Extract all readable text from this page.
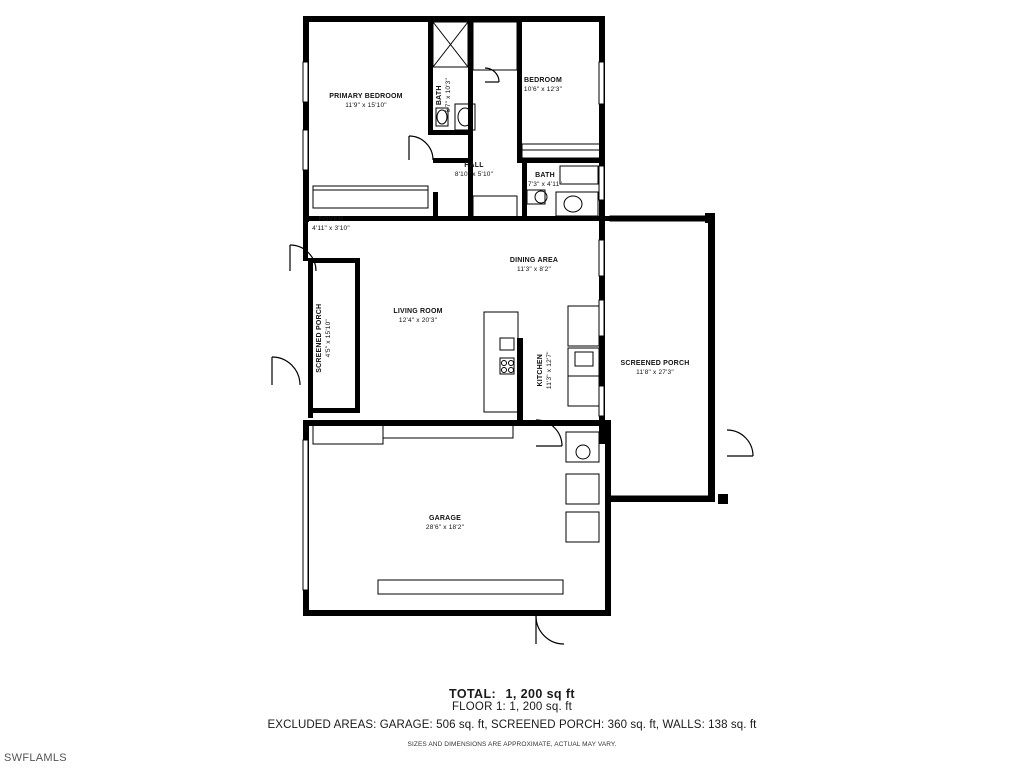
PRIMARY BEDROOM
11'9" x 15'10"	BATH 6'7" x 10'3"	BEDROOM
10'6" x 12'3"
HALL
8'10" x 5'10"	BATH
7'3" x 4'11"
FOYER
4'11" x 3'10"
DINING AREA
11'3" x 8'2"
LIVING ROOM
12'4" x 20'3"
SCREENED PORCH 4'5" x 15'10"
KITCHEN 11'3" x 12'7"	SCREENED PORCH
11'8" x 27'3"
GARAGE
28'6" x 18'2"
TOTAL: 1, 200 sq ft
FLOOR 1: 1, 200 sq. ft
EXCLUDED AREAS: GARAGE: 506 sq. ft, SCREENED PORCH: 360 sq. ft, WALLS: 138 sq. ft
SIZES AND DIMENSIONS ARE APPROXIMATE, ACTUAL MAY VARY.
SWFLAMLS
